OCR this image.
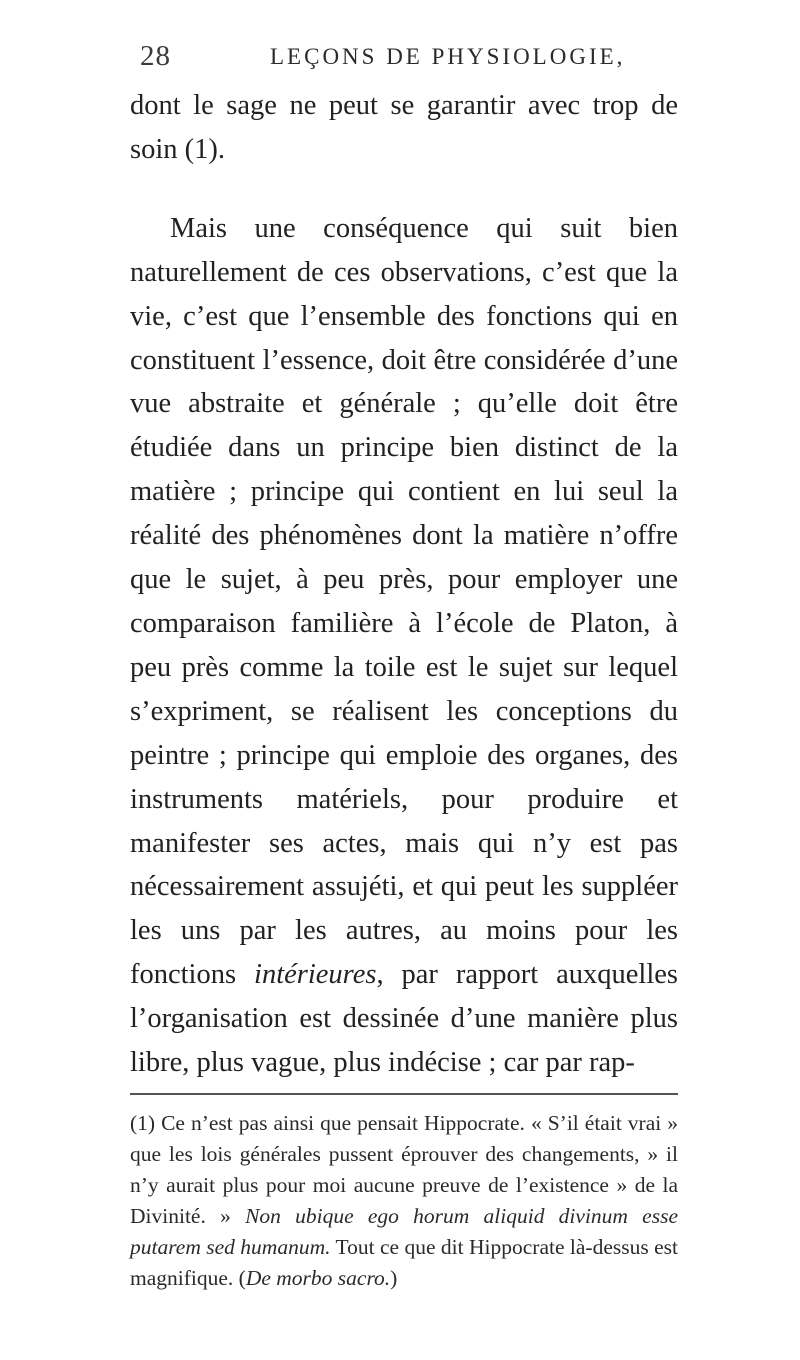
28	LEÇONS DE PHYSIOLOGIE,

dont le sage ne peut se garantir avec trop de soin (1).

Mais une conséquence qui suit bien naturellement de ces observations, c’est que la vie, c’est que l’ensemble des fonctions qui en constituent l’essence, doit être considérée d’une vue abstraite et générale ; qu’elle doit être étudiée dans un principe bien distinct de la matière ; principe qui contient en lui seul la réalité des phénomènes dont la matière n’offre que le sujet, à peu près, pour employer une comparaison familière à l’école de Platon, à peu près comme la toile est le sujet sur lequel s’expriment, se réalisent les conceptions du peintre ; principe qui emploie des organes, des instruments matériels, pour produire et manifester ses actes, mais qui n’y est pas nécessairement assujéti, et qui peut les suppléer les uns par les autres, au moins pour les fonctions intérieures, par rapport auxquelles l’organisation est dessinée d’une manière plus libre, plus vague, plus indécise ; car par rap-

(1) Ce n’est pas ainsi que pensait Hippocrate. « S’il était vrai » que les lois générales pussent éprouver des changements, » il n’y aurait plus pour moi aucune preuve de l’existence » de la Divinité. » Non ubique ego horum aliquid divinum esse putarem sed humanum. Tout ce que dit Hippocrate là-dessus est magnifique. (De morbo sacro.)
